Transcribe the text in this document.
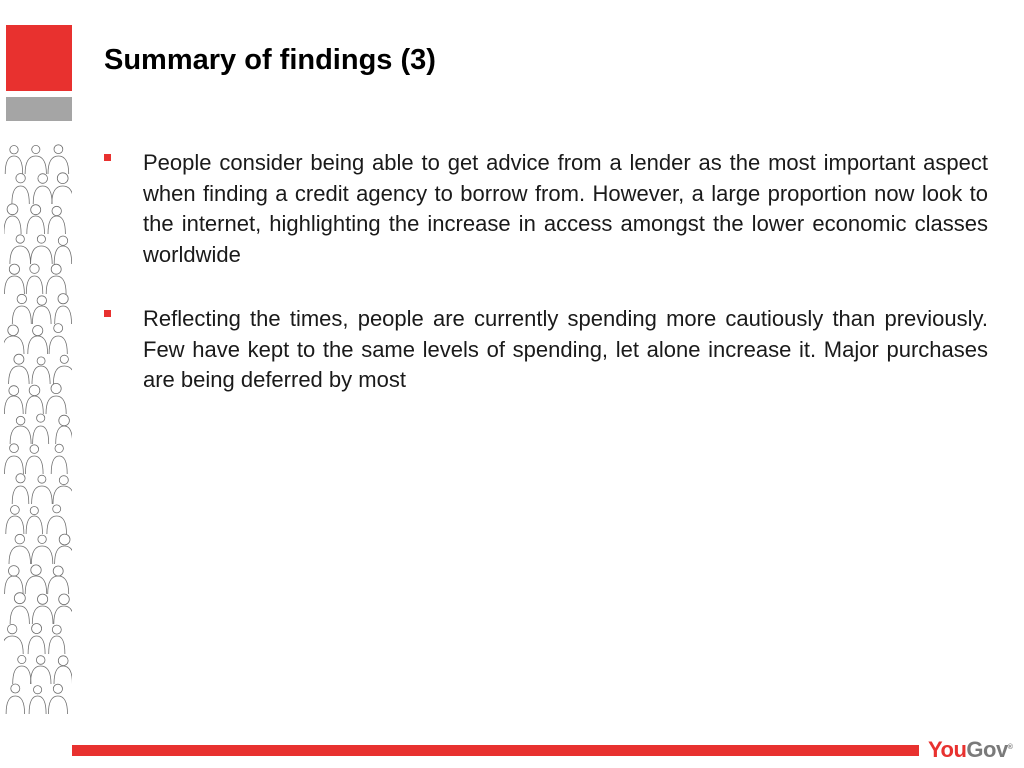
Summary of findings (3)
People consider being able to get advice from a lender as the most important aspect when finding a credit agency to borrow from. However, a large proportion now look to the internet, highlighting the increase in access amongst the lower economic classes worldwide
Reflecting the times, people are currently spending more cautiously than previously. Few have kept to the same levels of spending, let alone increase it. Major purchases are being deferred by most
YouGov®
